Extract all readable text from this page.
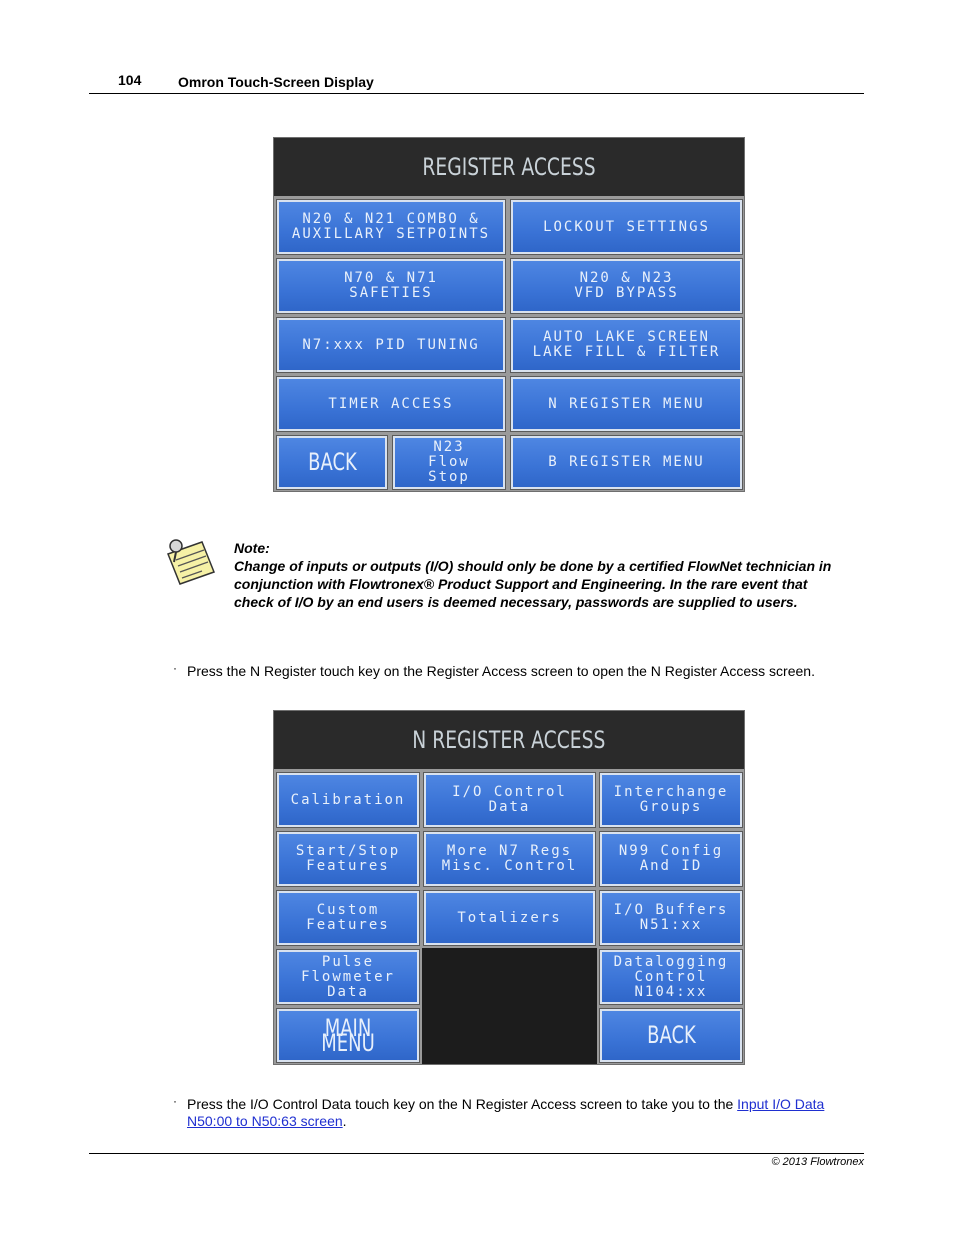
104	Omron Touch-Screen Display
REGISTER ACCESS
N20 & N21 COMBO &
AUXILLARY SETPOINTS	LOCKOUT SETTINGS
N70 & N71
SAFETIES
N20 & N23
VFD BYPASS
N7:xxx PID TUNING	AUTO LAKE SCREEN
LAKE FILL & FILTER
TIMER ACCESS	N REGISTER MENU
BACK
N23
Flow
Stop
B REGISTER MENU
Note:
Change of inputs or outputs (I/O) should only be done by a certified FlowNet technician in conjunction with Flowtronex® Product Support and Engineering. In the rare event that check of I/O by an end users is deemed necessary, passwords are supplied to users.
· Press the N Register touch key on the Register Access screen to open the N Register Access screen.
N REGISTER ACCESS
Calibration	I/O Control
Data
Interchange
Groups
Start/Stop
Features
More N7 Regs
Misc. Control
N99 Config
And ID
Custom
Features	Totalizers	I/O Buffers
N51:xx
Pulse
Flowmeter
Data
Datalogging
Control
N104:xx
MAIN MENU	BACK
· Press the I/O Control Data touch key on the N Register Access screen to take you to the Input I/O Data N50:00 to N50:63 screen.
© 2013 Flowtronex
